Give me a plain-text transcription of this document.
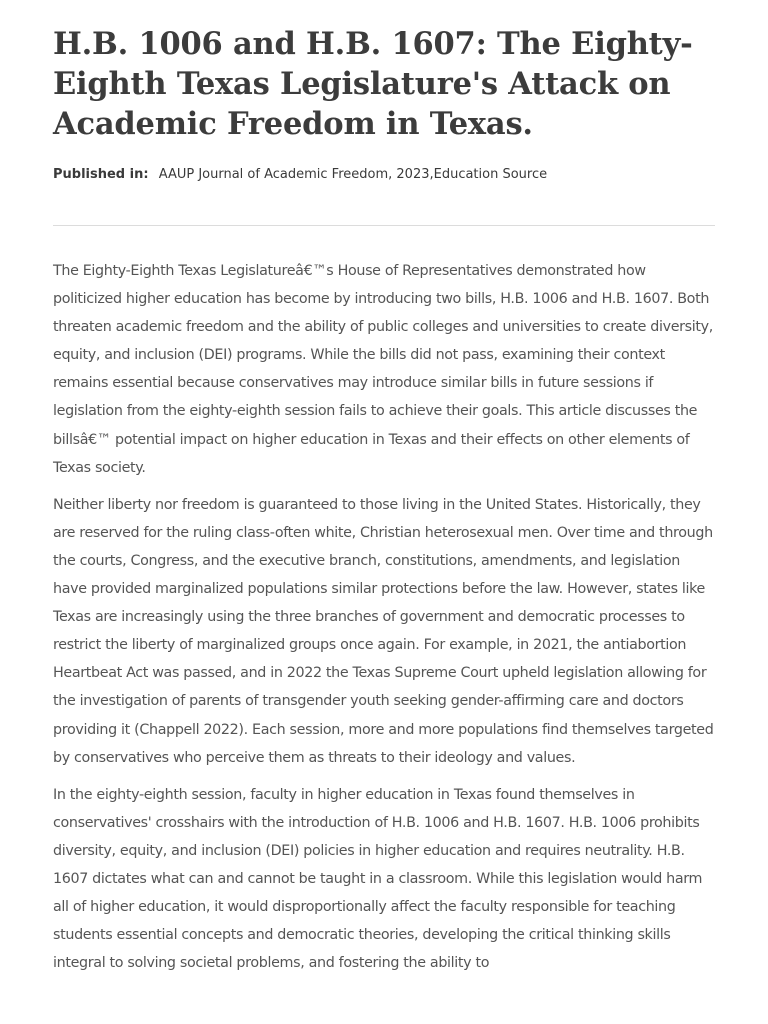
H.B. 1006 and H.B. 1607: The Eighty-Eighth Texas Legislature's Attack on Academic Freedom in Texas.
Published in: AAUP Journal of Academic Freedom, 2023,Education Source

The Eighty-Eighth Texas Legislatureâ€™s House of Representatives demonstrated how politicized higher education has become by introducing two bills, H.B. 1006 and H.B. 1607. Both threaten academic freedom and the ability of public colleges and universities to create diversity, equity, and inclusion (DEI) programs. While the bills did not pass, examining their context remains essential because conservatives may introduce similar bills in future sessions if legislation from the eighty-eighth session fails to achieve their goals. This article discusses the billsâ€™ potential impact on higher education in Texas and their effects on other elements of Texas society.

Neither liberty nor freedom is guaranteed to those living in the United States. Historically, they are reserved for the ruling class-often white, Christian heterosexual men. Over time and through the courts, Congress, and the executive branch, constitutions, amendments, and legislation have provided marginalized populations similar protections before the law. However, states like Texas are increasingly using the three branches of government and democratic processes to restrict the liberty of marginalized groups once again. For example, in 2021, the antiabortion Heartbeat Act was passed, and in 2022 the Texas Supreme Court upheld legislation allowing for the investigation of parents of transgender youth seeking gender-affirming care and doctors providing it (Chappell 2022). Each session, more and more populations find themselves targeted by conservatives who perceive them as threats to their ideology and values.

In the eighty-eighth session, faculty in higher education in Texas found themselves in conservatives' crosshairs with the introduction of H.B. 1006 and H.B. 1607. H.B. 1006 prohibits diversity, equity, and inclusion (DEI) policies in higher education and requires neutrality. H.B. 1607 dictates what can and cannot be taught in a classroom. While this legislation would harm all of higher education, it would disproportionally affect the faculty responsible for teaching students essential concepts and democratic theories, developing the critical thinking skills integral to solving societal problems, and fostering the ability to
